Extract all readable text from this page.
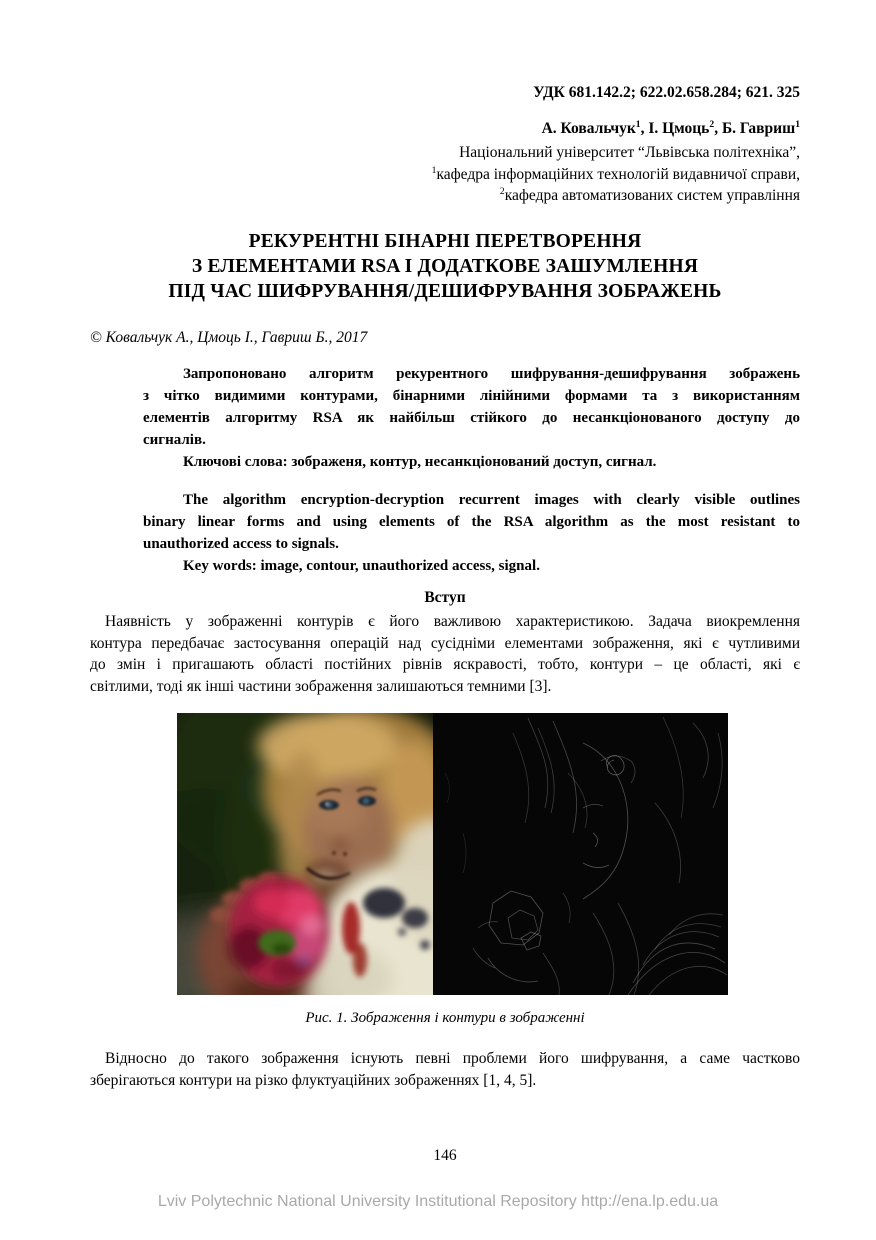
УДК 681.142.2; 622.02.658.284; 621. 325
А. Ковальчук$^1$, І. Цмоць$^2$, Б. Гавриш$^1$
Національний університет “Львівська політехніка”,
$^1$кафедра інформаційних технологій видавничої справи,
$^2$кафедра автоматизованих систем управління
РЕКУРЕНТНІ БІНАРНІ ПЕРЕТВОРЕННЯ
З ЕЛЕМЕНТАМИ RSA І ДОДАТКОВЕ ЗАШУМЛЕННЯ
ПІД ЧАС ШИФРУВАННЯ/ДЕШИФРУВАННЯ ЗОБРАЖЕНЬ
© Ковальчук А., Цмоць І., Гавриш Б., 2017
Запропоновано алгоритм рекурентного шифрування-дешифрування зображень
з чітко видимими контурами, бінарними лінійними формами та з використанням
елементів алгоритму RSA як найбільш стійкого до несанкціонованого доступу до
сигналів.
Ключові слова: зображеня, контур, несанкціонований доступ, сигнал.
The algorithm encryption-decryption recurrent images with clearly visible outlines
binary linear forms and using elements of the RSA algorithm as the most resistant to
unauthorized access to signals.
Key words: image, contour, unauthorized access, signal.
Вступ
Наявність у зображенні контурів є його важливою характеристикою. Задача виокремлення
контура передбачає застосування операцій над сусідніми елементами зображення, які є чутливими
до змін і пригашають області постійних рівнів яскравості, тобто, контури – це області, які є
світлими, тоді як інші частини зображення залишаються темними [3].
Рис. 1. Зображення і контури в зображенні
Відносно до такого зображення існують певні проблеми його шифрування, а саме частково
зберігаються контури на різко флуктуаційних зображеннях [1, 4, 5].
146
Lviv Polytechnic National University Institutional Repository http://ena.lp.edu.ua
